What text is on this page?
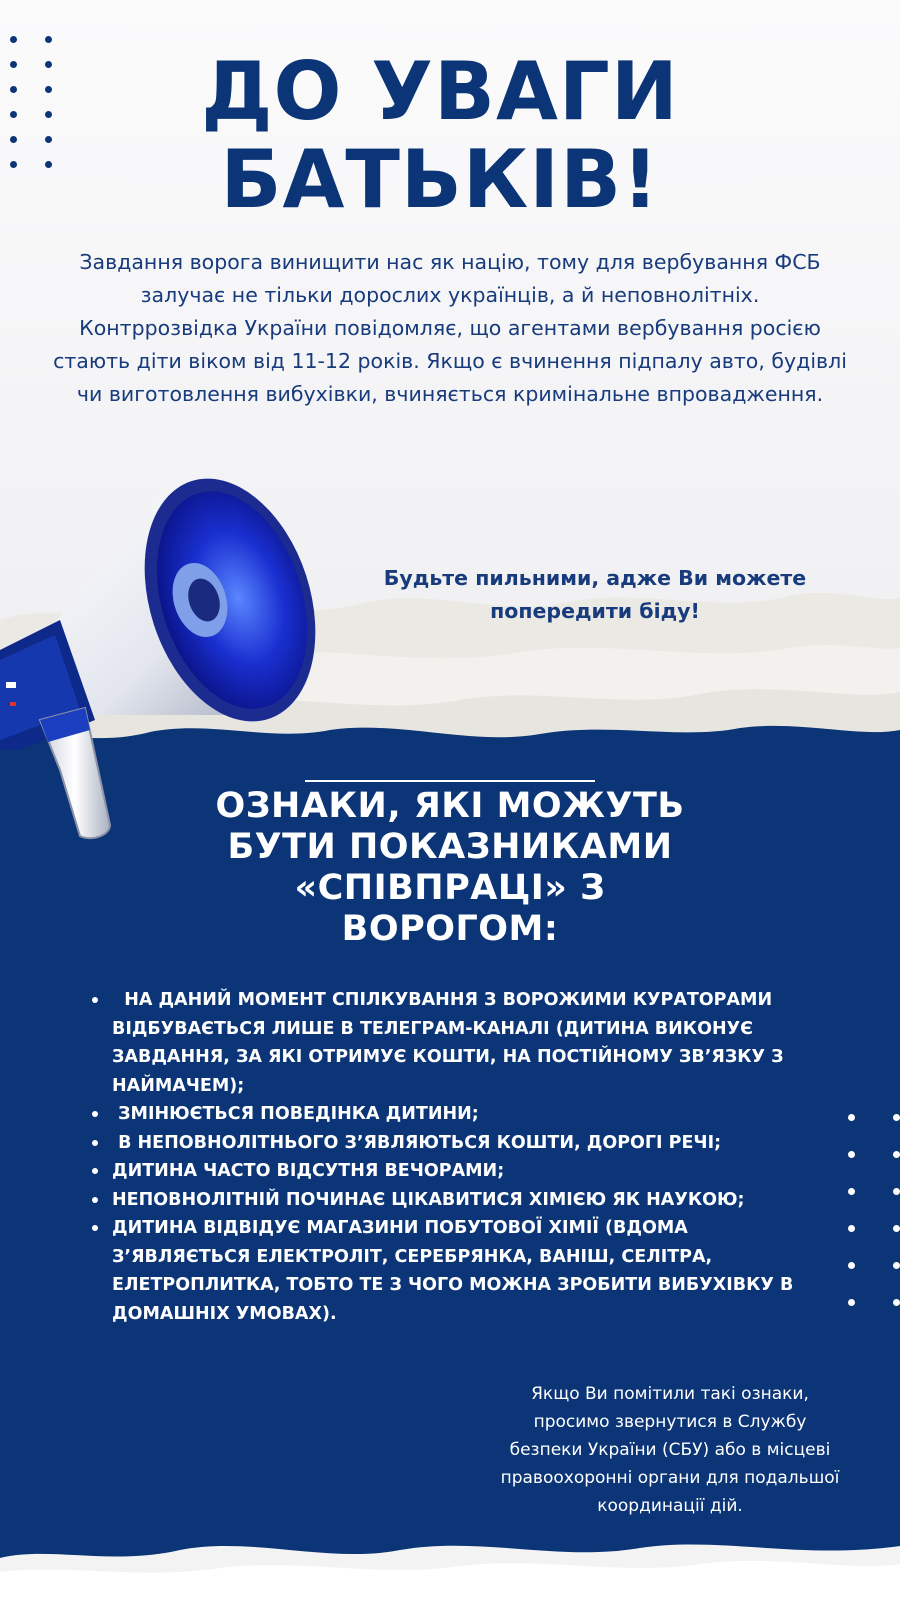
ДО УВАГИ
БАТЬКІВ!

Завдання ворога винищити нас як націю, тому для вербування ФСБ залучає не тільки дорослих українців, а й неповнолітніх.

Контррозвідка України повідомляє, що агентами вербування росією стають діти віком від 11-12 років. Якщо є вчинення підпалу авто, будівлі чи виготовлення вибухівки, вчиняється кримінальне впровадження.

Будьте пильними, адже Ви можете попередити біду!
ОЗНАКИ, ЯКІ МОЖУТЬ БУТИ ПОКАЗНИКАМИ «СПІВПРАЦІ» З ВОРОГОМ:
НА ДАНИЙ МОМЕНТ СПІЛКУВАННЯ З ВОРОЖИМИ КУРАТОРАМИ ВІДБУВАЄТЬСЯ ЛИШЕ В ТЕЛЕГРАМ-КАНАЛІ (ДИТИНА ВИКОНУЄ ЗАВДАННЯ, ЗА ЯКІ ОТРИМУЄ КОШТИ, НА ПОСТІЙНОМУ ЗВ’ЯЗКУ З НАЙМАЧЕМ);
ЗМІНЮЄТЬСЯ ПОВЕДІНКА ДИТИНИ;
В НЕПОВНОЛІТНЬОГО З’ЯВЛЯЮТЬСЯ КОШТИ, ДОРОГІ РЕЧІ;
ДИТИНА ЧАСТО ВІДСУТНЯ ВЕЧОРАМИ;
НЕПОВНОЛІТНІЙ ПОЧИНАЄ ЦІКАВИТИСЯ ХІМІЄЮ ЯК НАУКОЮ;
ДИТИНА ВІДВІДУЄ МАГАЗИНИ ПОБУТОВОЇ ХІМІЇ (ВДОМА З’ЯВЛЯЄТЬСЯ ЕЛЕКТРОЛІТ, СЕРЕБРЯНКА, ВАНІШ, СЕЛІТРА, ЕЛЕТРОПЛИТКА, ТОБТО ТЕ З ЧОГО МОЖНА ЗРОБИТИ ВИБУХІВКУ В ДОМАШНІХ УМОВАХ).
Якщо Ви помітили такі ознаки, просимо звернутися в Службу безпеки України (СБУ) або в місцеві правоохоронні органи для подальшої координації дій.
